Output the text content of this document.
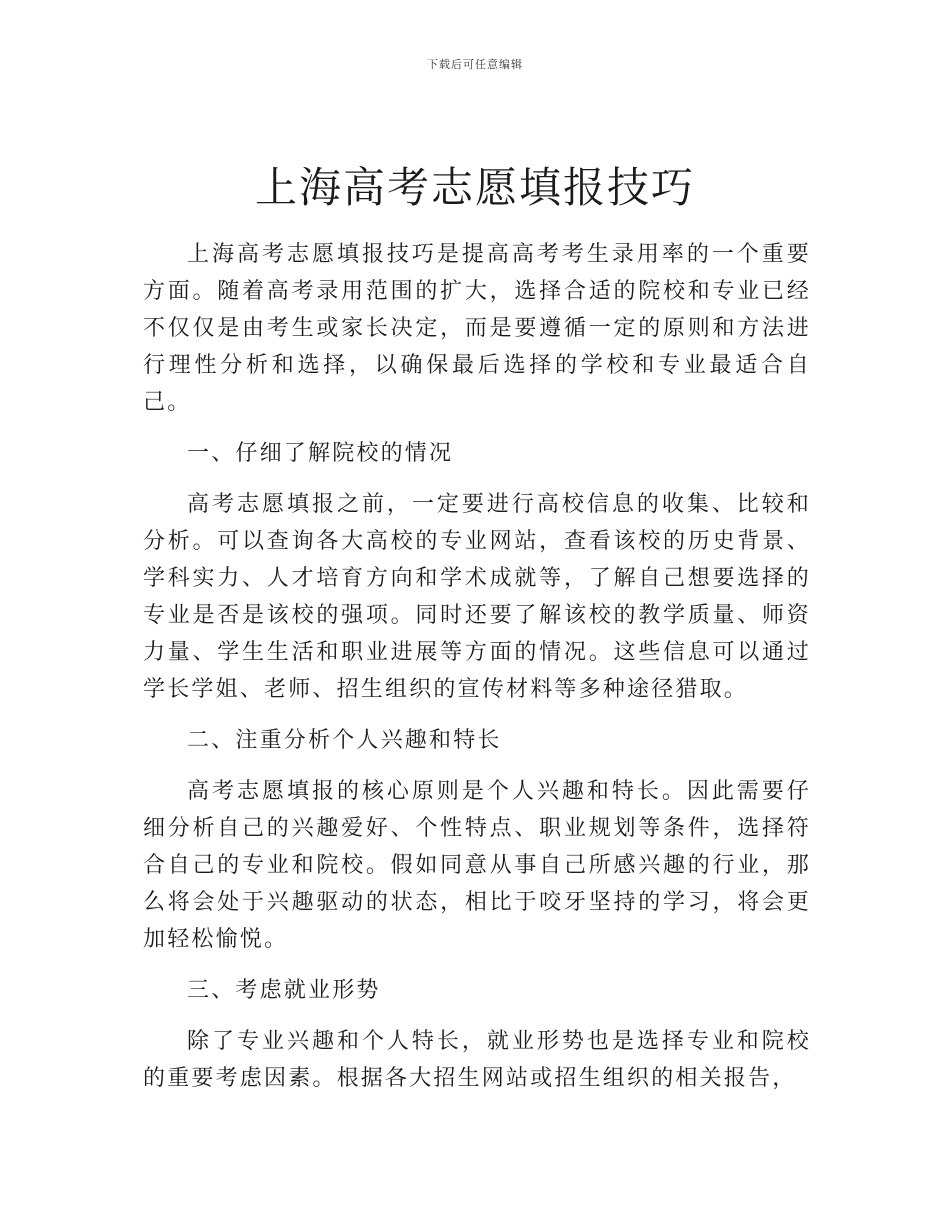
下载后可任意编辑
上海高考志愿填报技巧

上海高考志愿填报技巧是提高高考考生录用率的一个重要方面。随着高考录用范围的扩大，选择合适的院校和专业已经不仅仅是由考生或家长决定，而是要遵循一定的原则和方法进行理性分析和选择，以确保最后选择的学校和专业最适合自己。

一、仔细了解院校的情况

高考志愿填报之前，一定要进行高校信息的收集、比较和分析。可以查询各大高校的专业网站，查看该校的历史背景、学科实力、人才培育方向和学术成就等，了解自己想要选择的专业是否是该校的强项。同时还要了解该校的教学质量、师资力量、学生生活和职业进展等方面的情况。这些信息可以通过学长学姐、老师、招生组织的宣传材料等多种途径猎取。

二、注重分析个人兴趣和特长

高考志愿填报的核心原则是个人兴趣和特长。因此需要仔细分析自己的兴趣爱好、个性特点、职业规划等条件，选择符合自己的专业和院校。假如同意从事自己所感兴趣的行业，那么将会处于兴趣驱动的状态，相比于咬牙坚持的学习，将会更加轻松愉悦。

三、考虑就业形势

除了专业兴趣和个人特长，就业形势也是选择专业和院校的重要考虑因素。根据各大招生网站或招生组织的相关报告，
